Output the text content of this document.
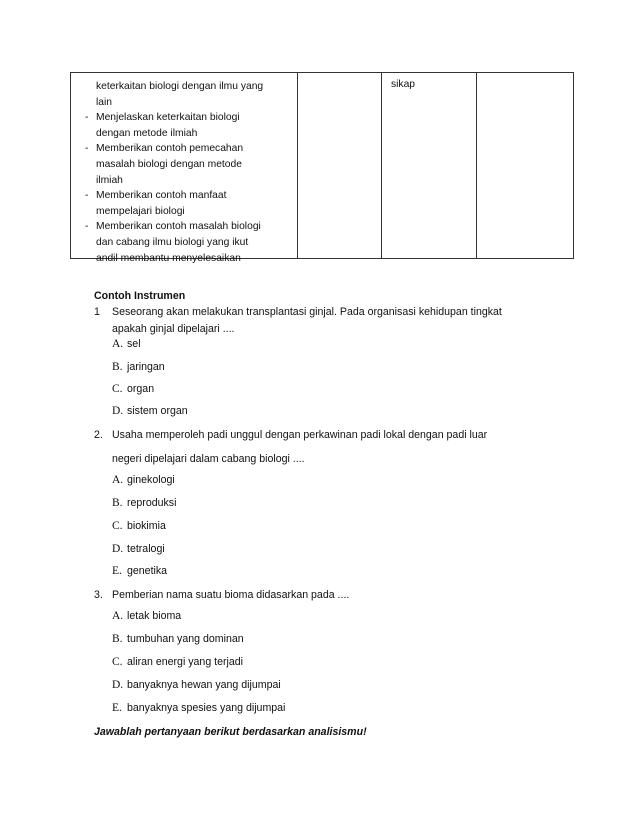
keterkaitan biologi dengan ilmu yang
lain
- Menjelaskan keterkaitan biologi
dengan metode ilmiah
- Memberikan contoh pemecahan
masalah biologi dengan metode
ilmiah
- Memberikan contoh manfaat
mempelajari biologi
- Memberikan contoh masalah biologi
dan cabang ilmu biologi yang ikut
andil membantu menyelesaikan
sikap
Contoh Instrumen
1 Seseorang akan melakukan transplantasi ginjal. Pada organisasi kehidupan tingkat
apakah ginjal dipelajari ....
A. sel
B. jaringan
C. organ
D. sistem organ
2. Usaha memperoleh padi unggul dengan perkawinan padi lokal dengan padi luar
negeri dipelajari dalam cabang biologi ....
A. ginekologi
B. reproduksi
C. biokimia
D. tetralogi
E. genetika
3. Pemberian nama suatu bioma didasarkan pada ....
A. letak bioma
B. tumbuhan yang dominan
C. aliran energi yang terjadi
D. banyaknya hewan yang dijumpai
E. banyaknya spesies yang dijumpai
Jawablah pertanyaan berikut berdasarkan analisismu!
